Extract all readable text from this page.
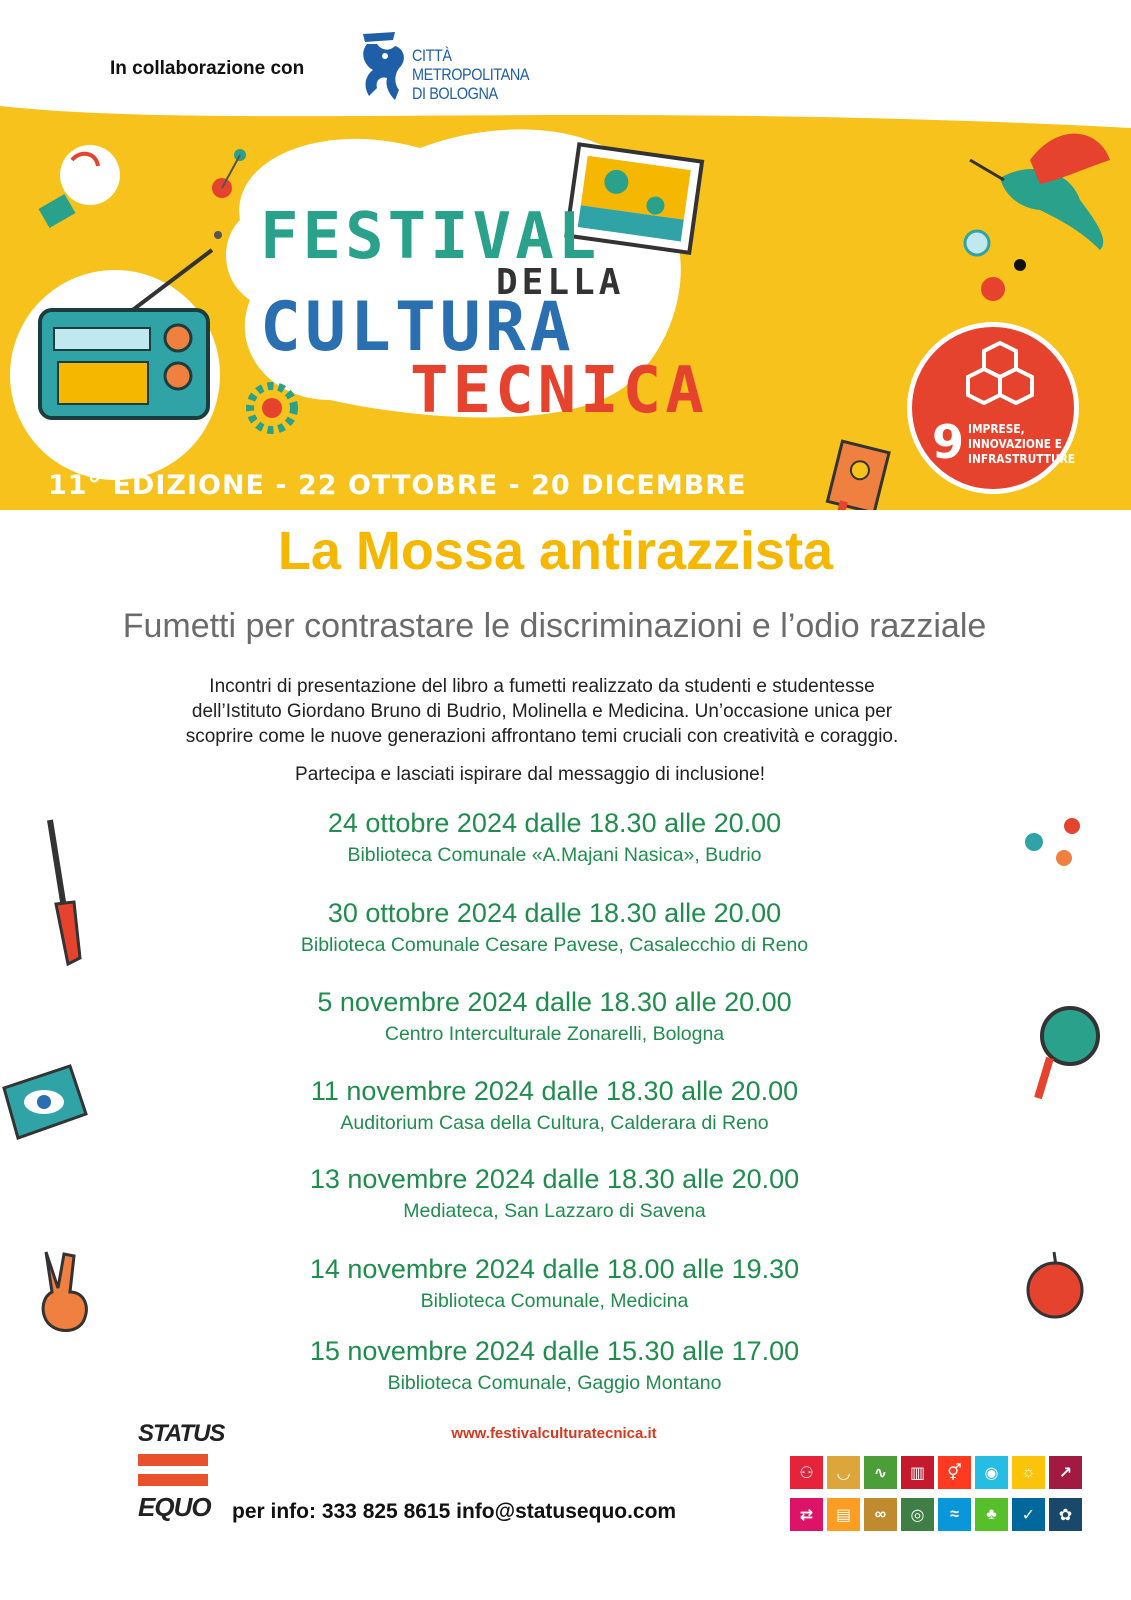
In collaborazione con
CITTÀ
METROPOLITANA
DI BOLOGNA
FESTIVAL
DELLA
CULTURA
TECNICA
11° EDIZIONE - 22 OTTOBRE - 20 DICEMBRE
9 IMPRESE,
INNOVAZIONE E
INFRASTRUTTURE
La Mossa antirazzista
Fumetti per contrastare le discriminazioni e l’odio razziale

Incontri di presentazione del libro a fumetti realizzato da studenti e studentesse

dell’Istituto Giordano Bruno di Budrio, Molinella e Medicina. Un’occasione unica per

scoprire come le nuove generazioni affrontano temi cruciali con creatività e coraggio.

Partecipa e lasciati ispirare dal messaggio di inclusione!
24 ottobre 2024 dalle 18.30 alle 20.00
Biblioteca Comunale «A.Majani Nasica», Budrio
30 ottobre 2024 dalle 18.30 alle 20.00
Biblioteca Comunale Cesare Pavese, Casalecchio di Reno
5 novembre 2024 dalle 18.30 alle 20.00
Centro Interculturale Zonarelli, Bologna
11 novembre 2024 dalle 18.30 alle 20.00
Auditorium Casa della Cultura, Calderara di Reno
13 novembre 2024 dalle 18.30 alle 20.00
Mediateca, San Lazzaro di Savena
14 novembre 2024 dalle 18.00 alle 19.30
Biblioteca Comunale, Medicina
15 novembre 2024 dalle 15.30 alle 17.00
Biblioteca Comunale, Gaggio Montano
www.festivalculturatecnica.it
STATUS
EQUO per info: 333 825 8615 info@statusequo.com
⚇	◡	∿	▥	⚥	◉	☼	↗
⇄	▤	∞	◎	≈	♣	✓	✿
